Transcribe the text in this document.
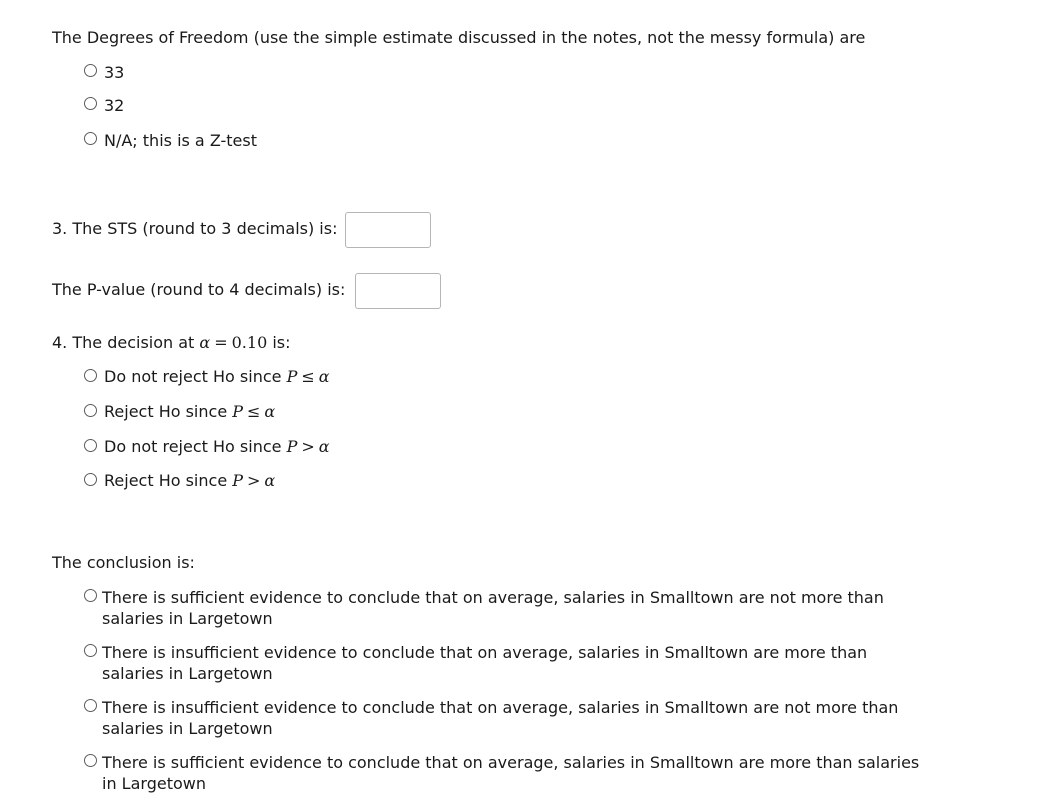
The Degrees of Freedom (use the simple estimate discussed in the notes, not the messy formula) are
33
32
N/A; this is a Z-test
3. The STS (round to 3 decimals) is:
The P-value (round to 4 decimals) is:
4. The decision at α = 0.10 is:
Do not reject Ho since P ≤ α
Reject Ho since P ≤ α
Do not reject Ho since P > α
Reject Ho since P > α
The conclusion is:
There is sufficient evidence to conclude that on average, salaries in Smalltown are not more than salaries in Largetown
There is insufficient evidence to conclude that on average, salaries in Smalltown are more than salaries in Largetown
There is insufficient evidence to conclude that on average, salaries in Smalltown are not more than salaries in Largetown
There is sufficient evidence to conclude that on average, salaries in Smalltown are more than salaries in Largetown
